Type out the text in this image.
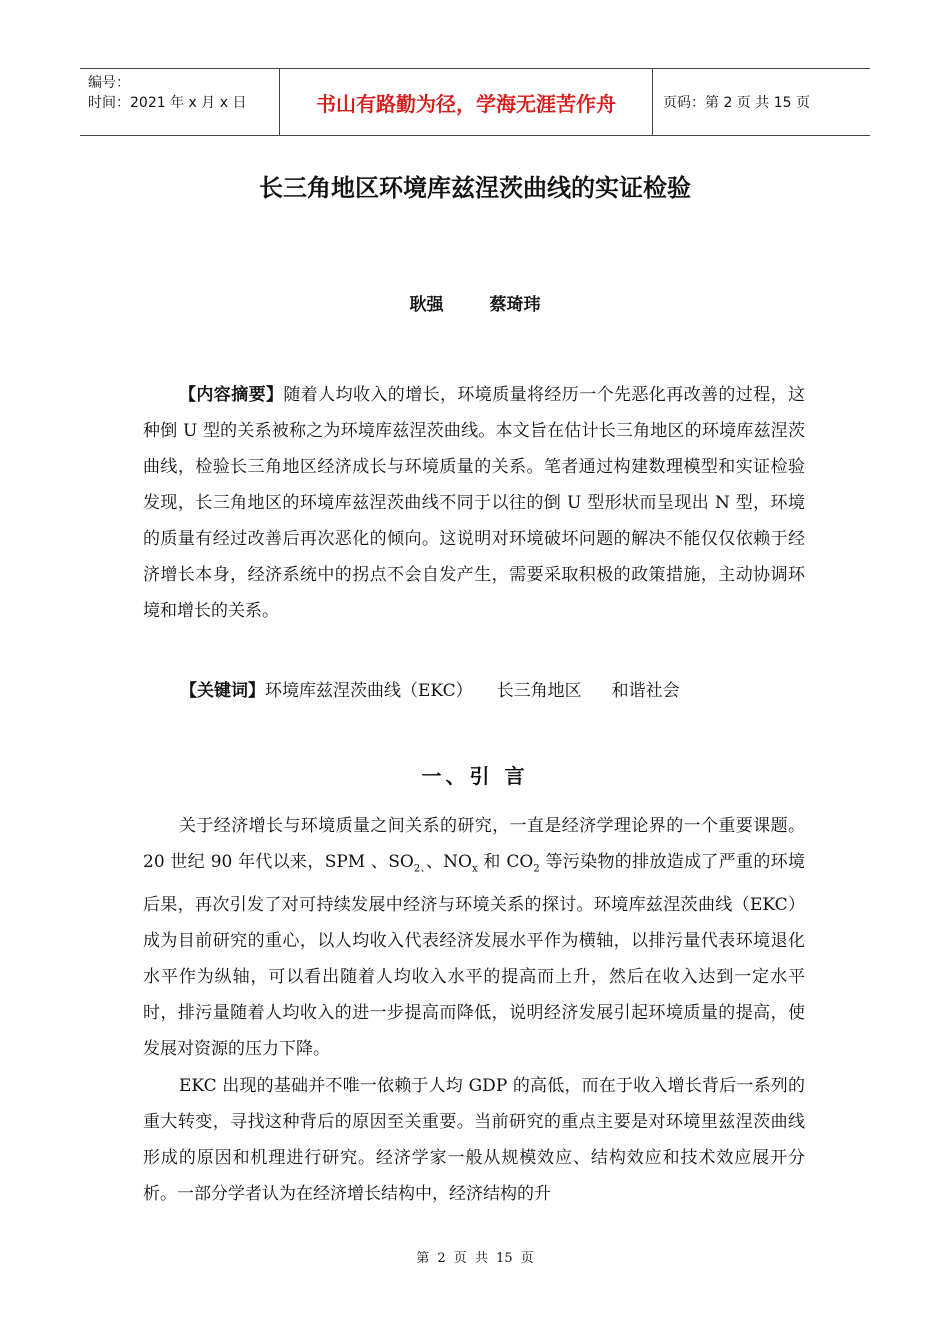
编号：
时间：2021 年 x 月 x 日	书山有路勤为径，学海无涯苦作舟	页码：第 2 页 共 15 页
长三角地区环境库兹涅茨曲线的实证检验
耿强	蔡琦玮

【内容摘要】随着人均收入的增长，环境质量将经历一个先恶化再改善的过程，这种倒 U 型的关系被称之为环境库兹涅茨曲线。本文旨在估计长三角地区的环境库兹涅茨曲线，检验长三角地区经济成长与环境质量的关系。笔者通过构建数理模型和实证检验发现，长三角地区的环境库兹涅茨曲线不同于以往的倒 U 型形状而呈现出 N 型，环境的质量有经过改善后再次恶化的倾向。这说明对环境破坏问题的解决不能仅仅依赖于经济增长本身，经济系统中的拐点不会自发产生，需要采取积极的政策措施，主动协调环境和增长的关系。

【关键词】环境库兹涅茨曲线（EKC） 长三角地区 和谐社会
一、引 言

关于经济增长与环境质量之间关系的研究，一直是经济学理论界的一个重要课题。20 世纪 90 年代以来，SPM 、$SO_{2、}$、$NO_x$ 和 $CO_2$ 等污染物的排放造成了严重的环境后果，再次引发了对可持续发展中经济与环境关系的探讨。环境库兹涅茨曲线（EKC）成为目前研究的重心，以人均收入代表经济发展水平作为横轴，以排污量代表环境退化水平作为纵轴，可以看出随着人均收入水平的提高而上升，然后在收入达到一定水平时，排污量随着人均收入的进一步提高而降低，说明经济发展引起环境质量的提高，使发展对资源的压力下降。

EKC 出现的基础并不唯一依赖于人均 GDP 的高低，而在于收入增长背后一系列的重大转变，寻找这种背后的原因至关重要。当前研究的重点主要是对环境里兹涅茨曲线形成的原因和机理进行研究。经济学家一般从规模效应、结构效应和技术效应展开分析。一部分学者认为在经济增长结构中，经济结构的升

第 2 页 共 15 页
